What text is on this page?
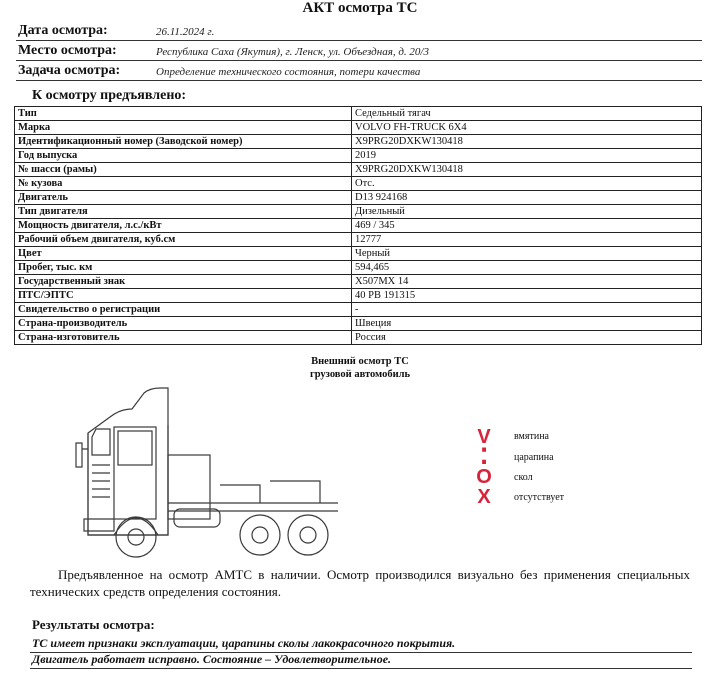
АКТ осмотра ТС
Дата осмотра:	26.11.2024 г.
Место осмотра:	Республика Саха (Якутия), г. Ленск, ул. Объездная, д. 20/3
Задача осмотра:	Определение технического состояния, потери качества
К осмотру предъявлено:
Тип	Седельный тягач
Марка	VOLVO FH-TRUCK 6X4
Идентификационный номер (Заводской номер)	X9PRG20DXKW130418
Год выпуска	2019
№ шасси (рамы)	X9PRG20DXKW130418
№ кузова	Отс.
Двигатель	D13 924168
Тип двигателя	Дизельный
Мощность двигателя, л.с./кВт	469 / 345
Рабочий объем двигателя, куб.см	12777
Цвет	Черный
Пробег, тыс. км	594,465
Государственный знак	Х507МХ 14
ПТС/ЭПТС	40 РВ 191315
Свидетельство о регистрации	-
Страна-производитель	Швеция
Страна-изготовитель	Россия
Внешний осмотр ТС
грузовой автомобиль
V	вмятина
⁚	царапина
O скол
X	отсутствует
Предъявленное на осмотр АМТС в наличии. Осмотр производился визуально без применения специальных технических средств определения состояния.
Результаты осмотра:
ТС имеет признаки эксплуатации, царапины сколы лакокрасочного покрытия.
Двигатель работает исправно. Состояние – Удовлетворительное.
